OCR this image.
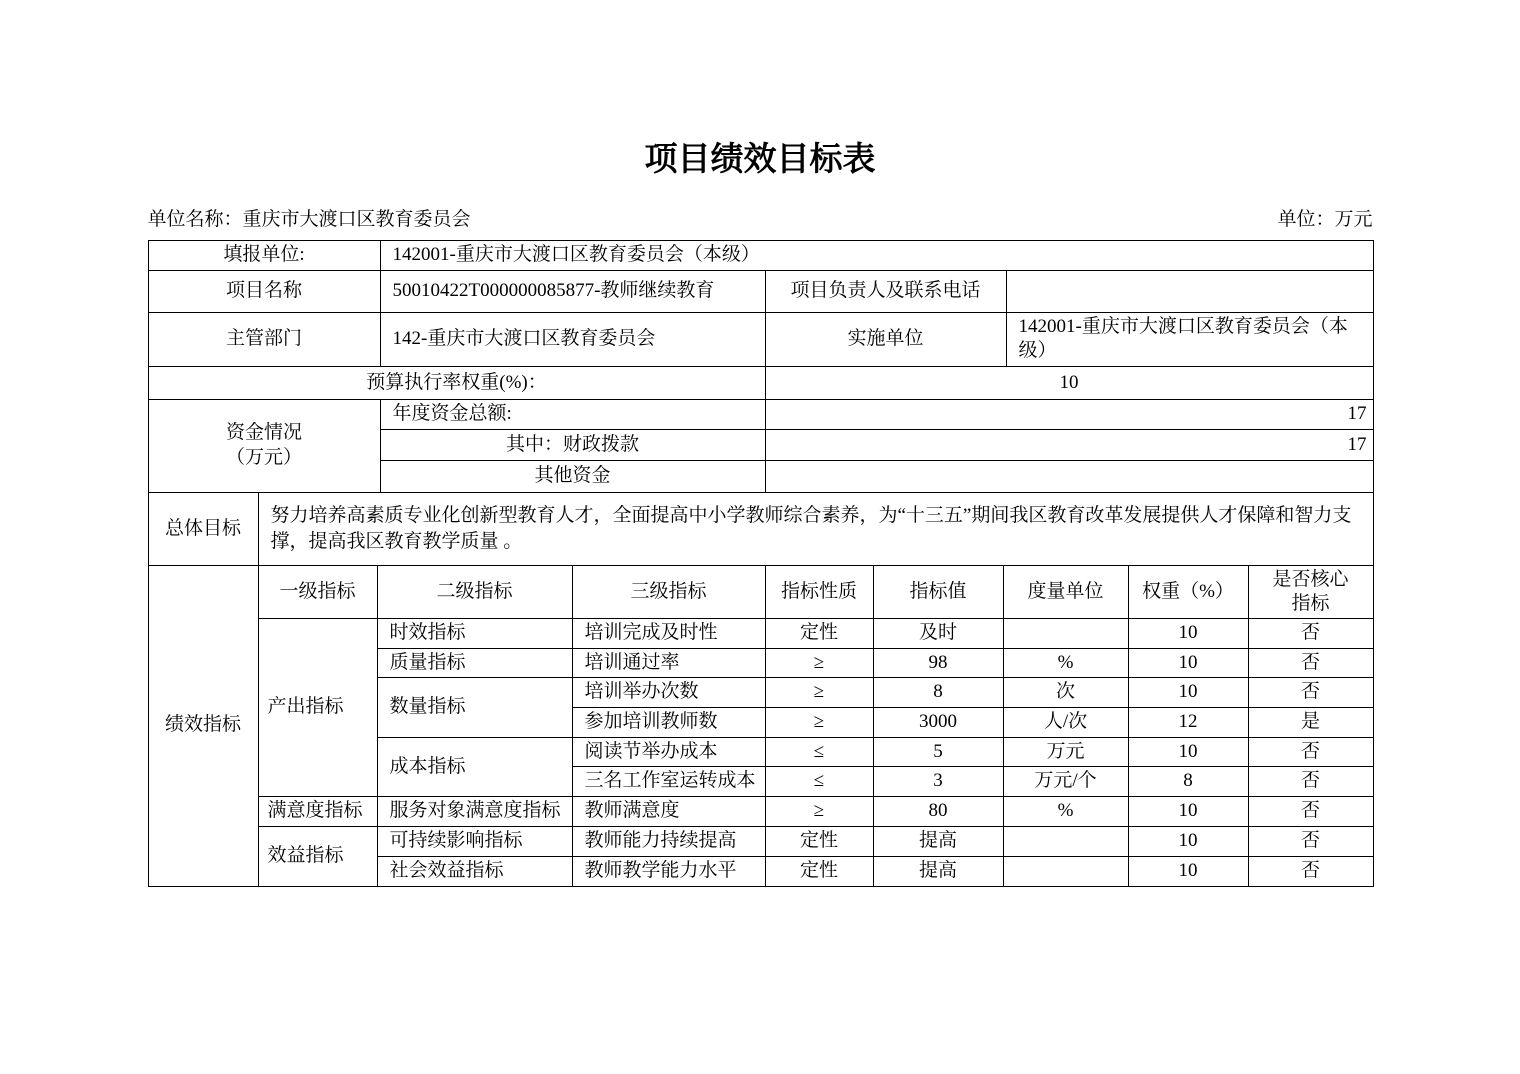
项目绩效目标表
单位名称：重庆市大渡口区教育委员会	单位：万元
填报单位:	142001-重庆市大渡口区教育委员会（本级）		
项目名称	50010422T000000085877-教师继续教育	项目负责人及联系电话	
主管部门	142-重庆市大渡口区教育委员会	实施单位	142001-重庆市大渡口区教育委员会（本级）
预算执行率权重(%)：		10	

资金情况
（万元）	年度资金总额:	17	
	其中：财政拨款	17	
	其他资金		
总体目标	努力培养高素质专业化创新型教育人才，全面提高中小学教师综合素养，为“十三五”期间我区教育改革发展提供人才保障和智力支撑，提高我区教育教学质量 。							
绩效指标	一级指标	二级指标	三级指标	指标性质	指标值	度量单位	权重（%）	是否核心指标
	产出指标	时效指标	培训完成及时性	定性	及时		10	否
		质量指标	培训通过率	≥	98	%	10	否
		数量指标	培训举办次数	≥	8	次	10	否
			参加培训教师数	≥	3000	人/次	12	是
		成本指标	阅读节举办成本	≤	5	万元	10	否
			三名工作室运转成本	≤	3	万元/个	8	否
	满意度指标	服务对象满意度指标	教师满意度	≥	80	%	10	否
	效益指标	可持续影响指标	教师能力持续提高	定性	提高		10	否
		社会效益指标	教师教学能力水平	定性	提高		10	否
